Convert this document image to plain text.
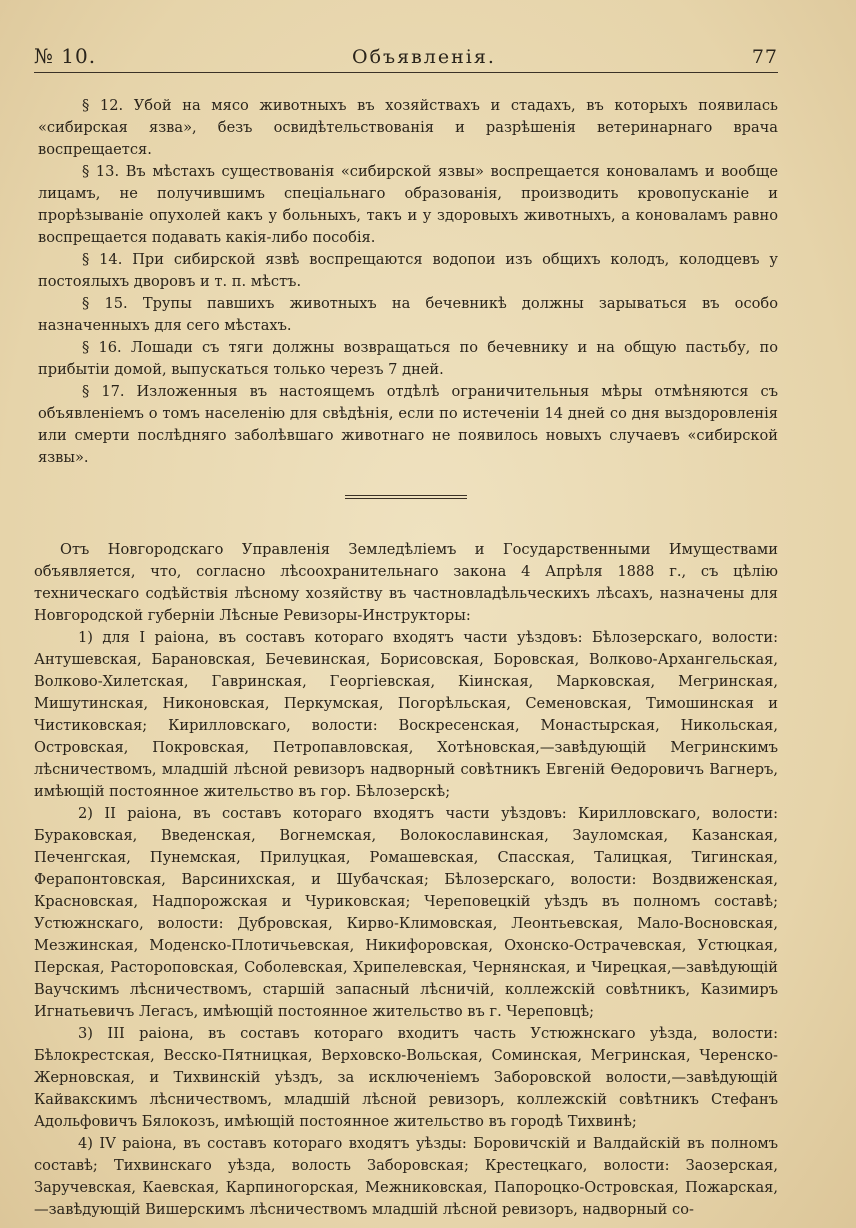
№ 10.	Объявленія.	77

§ 12. Убой на мясо животныхъ въ хозяйствахъ и стадахъ, въ которыхъ появилась «сибирская язва», безъ освидѣтельствованія и разрѣшенія ветеринарнаго врача воспрещается.

§ 13. Въ мѣстахъ существованія «сибирской язвы» воспрещается коноваламъ и вообще лицамъ, не получившимъ спеціальнаго образованія, производить кровопусканіе и прорѣзываніе опухолей какъ у больныхъ, такъ и у здоровыхъ животныхъ, а коноваламъ равно воспрещается подавать какія-либо пособія.

§ 14. При сибирской язвѣ воспрещаются водопои изъ общихъ колодъ, колодцевъ у постоялыхъ дворовъ и т. п. мѣстъ.

§ 15. Трупы павшихъ животныхъ на бечевникѣ должны зарываться въ особо назначенныхъ для сего мѣстахъ.

§ 16. Лошади съ тяги должны возвращаться по бечевнику и на общую пастьбу, по прибытіи домой, выпускаться только черезъ 7 дней.

§ 17. Изложенныя въ настоящемъ отдѣлѣ ограничительныя мѣры отмѣняются съ объявленіемъ о томъ населенію для свѣдѣнія, если по истеченіи 14 дней со дня выздоровленія или смерти послѣдняго заболѣвшаго животнаго не появилось новыхъ случаевъ «сибирской язвы».

Отъ Новгородскаго Управленія Земледѣліемъ и Государственными Имуществами объявляется, что, согласно лѣсоохранительнаго закона 4 Апрѣля 1888 г., съ цѣлію техническаго содѣйствія лѣсному хозяйству въ частновладѣльческихъ лѣсахъ, назначены для Новгородской губерніи Лѣсные Ревизоры-Инструкторы:

1) для I раіона, въ составъ котораго входятъ части уѣздовъ: Бѣлозерскаго, волости: Антушевская, Барановская, Бечевинская, Борисовская, Боровская, Волково-Архангельская, Волково-Хилетская, Гавринская, Георгіевская, Кіинская, Марковская, Мегринская, Мишутинская, Никоновская, Перкумская, Погорѣльская, Семеновская, Тимошинская и Чистиковская; Кирилловскаго, волости: Воскресенская, Монастырская, Никольская, Островская, Покровская, Петропавловская, Хотѣновская,—завѣдующій Мегринскимъ лѣсничествомъ, младшій лѣсной ревизоръ надворный совѣтникъ Евгеній Ѳедоровичъ Вагнеръ, имѣющій постоянное жительство въ гор. Бѣлозерскѣ;

2) II раіона, въ составъ котораго входятъ части уѣздовъ: Кирилловскаго, волости: Бураковская, Введенская, Вогнемская, Волокославинская, Зауломская, Казанская, Печенгская, Пунемская, Прилуцкая, Ромашевская, Спасская, Талицкая, Тигинская, Ферапонтовская, Варсинихская, и Шубачская; Бѣлозерскаго, волости: Воздвиженская, Красновская, Надпорожская и Чуриковская; Череповецкій уѣздъ въ полномъ составѣ; Устюжнскаго, волости: Дубровская, Кирво-Климовская, Леонтьевская, Мало-Восновская, Мезжинская, Моденско-Плотичьевская, Никифоровская, Охонско-Острачевская, Устюцкая, Перская, Растороповская, Соболевская, Хрипелевская, Чернянская, и Чирецкая,—завѣдующій Ваучскимъ лѣсничествомъ, старшій запасный лѣсничій, коллежскій совѣтникъ, Казимиръ Игнатьевичъ Легасъ, имѣющій постоянное жительство въ г. Череповцѣ;

3) III раіона, въ составъ котораго входитъ часть Устюжнскаго уѣзда, волости: Бѣлокрестская, Весско-Пятницкая, Верховско-Вольская, Соминская, Мегринская, Черенско-Жерновская, и Тихвинскій уѣздъ, за исключеніемъ Заборовской волости,—завѣдующій Кайвакскимъ лѣсничествомъ, младшій лѣсной ревизоръ, коллежскій совѣтникъ Стефанъ Адольфовичъ Бялокозъ, имѣющій постоянное жительство въ городѣ Тихвинѣ;

4) IV раіона, въ составъ котораго входятъ уѣзды: Боровичскій и Валдайскій въ полномъ составѣ; Тихвинскаго уѣзда, волость Заборовская; Крестецкаго, волости: Заозерская, Заручевская, Каевская, Карпиногорская, Межниковская, Папороцко-Островская, Пожарская,—завѣдующій Вишерскимъ лѣсничествомъ младшій лѣсной ревизоръ, надворный со-
